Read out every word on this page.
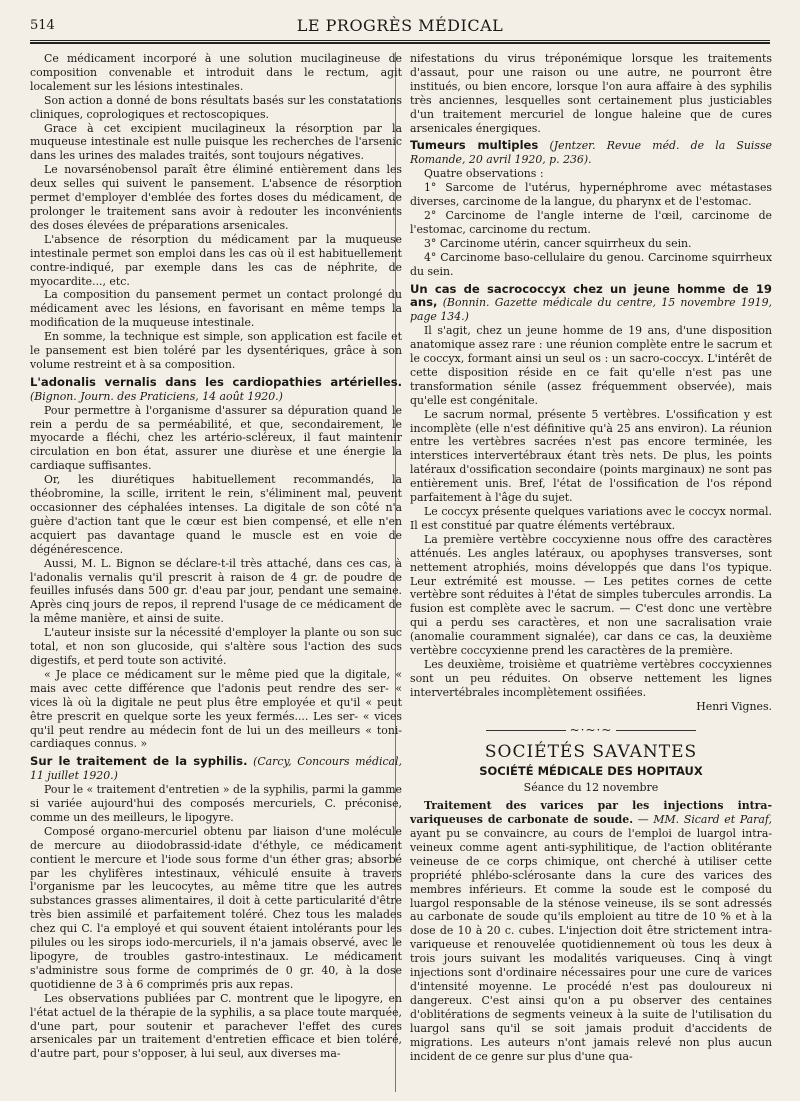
514	LE PROGRÈS MÉDICAL

Ce médicament incorporé à une solution mucilagineuse de composition convenable et introduit dans le rectum, agit localement sur les lésions intestinales.

Son action a donné de bons résultats basés sur les constatations cliniques, coprologiques et rectoscopiques.

Grace à cet excipient mucilagineux la résorption par la muqueuse intestinale est nulle puisque les recherches de l'arsenic dans les urines des malades traités, sont toujours négatives.

Le novarsénobensol paraît être éliminé entièrement dans les deux selles qui suivent le pansement. L'absence de résorption permet d'employer d'emblée des fortes doses du médicament, de prolonger le traitement sans avoir à redouter les inconvénients des doses élevées de préparations arsenicales.

L'absence de résorption du médicament par la muqueuse intestinale permet son emploi dans les cas où il est habituellement contre-indiqué, par exemple dans les cas de néphrite, de myocardite..., etc.

La composition du pansement permet un contact prolongé du médicament avec les lésions, en favorisant en même temps la modification de la muqueuse intestinale.

En somme, la technique est simple, son application est facile et le pansement est bien toléré par les dysentériques, grâce à son volume restreint et à sa composition.

L'adonalis vernalis dans les cardiopathies artérielles. (Bignon. Journ. des Praticiens, 14 août 1920.)

Pour permettre à l'organisme d'assurer sa dépuration quand le rein a perdu de sa perméabilité, et que, secondairement, le myocarde a fléchi, chez les artério-scléreux, il faut maintenir circulation en bon état, assurer une diurèse et une énergie la cardiaque suffisantes.

Or, les diurétiques habituellement recommandés, la théobromine, la scille, irritent le rein, s'éliminent mal, peuvent occasionner des céphalées intenses. La digitale de son côté n'a guère d'action tant que le cœur est bien compensé, et elle n'en acquiert pas davantage quand le muscle est en voie de dégénérescence.

Aussi, M. L. Bignon se déclare-t-il très attaché, dans ces cas, à l'adonalis vernalis qu'il prescrit à raison de 4 gr. de poudre de feuilles infusés dans 500 gr. d'eau par jour, pendant une semaine. Après cinq jours de repos, il reprend l'usage de ce médicament de la même manière, et ainsi de suite.

L'auteur insiste sur la nécessité d'employer la plante ou son suc total, et non son glucoside, qui s'altère sous l'action des sucs digestifs, et perd toute son activité.

« Je place ce médicament sur le même pied que la digitale, « mais avec cette différence que l'adonis peut rendre des ser- « vices là où la digitale ne peut plus être employée et qu'il « peut être prescrit en quelque sorte les yeux fermés.... Les ser- « vices qu'il peut rendre au médecin font de lui un des meilleurs « toni-cardiaques connus. »

Sur le traitement de la syphilis. (Carcy, Concours médical, 11 juillet 1920.)

Pour le « traitement d'entretien » de la syphilis, parmi la gamme si variée aujourd'hui des composés mercuriels, C. préconise, comme un des meilleurs, le lipogyre.

Composé organo-mercuriel obtenu par liaison d'une molécule de mercure au diiodobrassid-idate d'éthyle, ce médicament contient le mercure et l'iode sous forme d'un éther gras; absorbé par les chylifères intestinaux, véhiculé ensuite à travers l'organisme par les leucocytes, au même titre que les autres substances grasses alimentaires, il doit à cette particularité d'être très bien assimilé et parfaitement toléré. Chez tous les malades chez qui C. l'a employé et qui souvent étaient intolérants pour les pilules ou les sirops iodo-mercuriels, il n'a jamais observé, avec le lipogyre, de troubles gastro-intestinaux. Le médicament s'administre sous forme de comprimés de 0 gr. 40, à la dose quotidienne de 3 à 6 comprimés pris aux repas.

Les observations publiées par C. montrent que le lipogyre, en l'état actuel de la thérapie de la syphilis, a sa place toute marquée, d'une part, pour soutenir et parachever l'effet des cures arsenicales par un traitement d'entretien efficace et bien toléré, d'autre part, pour s'opposer, à lui seul, aux diverses ma-

nifestations du virus tréponémique lorsque les traitements d'assaut, pour une raison ou une autre, ne pourront être institués, ou bien encore, lorsque l'on aura affaire à des syphilis très anciennes, lesquelles sont certainement plus justiciables d'un traitement mercuriel de longue haleine que de cures arsenicales énergiques.

Tumeurs multiples (Jentzer. Revue méd. de la Suisse Romande, 20 avril 1920, p. 236).

Quatre observations :

1° Sarcome de l'utérus, hypernéphrome avec métastases diverses, carcinome de la langue, du pharynx et de l'estomac.

2° Carcinome de l'angle interne de l'œil, carcinome de l'estomac, carcinome du rectum.

3° Carcinome utérin, cancer squirrheux du sein.

4° Carcinome baso-cellulaire du genou. Carcinome squirrheux du sein.

Un cas de sacrococcyx chez un jeune homme de 19 ans, (Bonnin. Gazette médicale du centre, 15 novembre 1919, page 134.)

Il s'agit, chez un jeune homme de 19 ans, d'une disposition anatomique assez rare : une réunion complète entre le sacrum et le coccyx, formant ainsi un seul os : un sacro-coccyx. L'intérêt de cette disposition réside en ce fait qu'elle n'est pas une transformation sénile (assez fréquemment observée), mais qu'elle est congénitale.

Le sacrum normal, présente 5 vertèbres. L'ossification y est incomplète (elle n'est définitive qu'à 25 ans environ). La réunion entre les vertèbres sacrées n'est pas encore terminée, les interstices intervertébraux étant très nets. De plus, les points latéraux d'ossification secondaire (points marginaux) ne sont pas entièrement unis. Bref, l'état de l'ossification de l'os répond parfaitement à l'âge du sujet.

Le coccyx présente quelques variations avec le coccyx normal. Il est constitué par quatre éléments vertébraux.

La première vertèbre coccyxienne nous offre des caractères atténués. Les angles latéraux, ou apophyses transverses, sont nettement atrophiés, moins développés que dans l'os typique. Leur extrémité est mousse. — Les petites cornes de cette vertèbre sont réduites à l'état de simples tubercules arrondis. La fusion est complète avec le sacrum. — C'est donc une vertèbre qui a perdu ses caractères, et non une sacralisation vraie (anomalie couramment signalée), car dans ce cas, la deuxième vertèbre coccyxienne prend les caractères de la première.

Les deuxième, troisième et quatrième vertèbres coccyxiennes sont un peu réduites. On observe nettement les lignes intervertébrales incomplètement ossifiées.

Henri Vignes.

~·~·~
SOCIÉTÉS SAVANTES
SOCIÉTÉ MÉDICALE DES HOPITAUX
Séance du 12 novembre

Traitement des varices par les injections intra-variqueuses de carbonate de soude. — MM. Sicard et Paraf, ayant pu se convaincre, au cours de l'emploi de luargol intra-veineux comme agent anti-syphilitique, de l'action oblitérante veineuse de ce corps chimique, ont cherché à utiliser cette propriété phlébo-sclérosante dans la cure des varices des membres inférieurs. Et comme la soude est le composé du luargol responsable de la sténose veineuse, ils se sont adressés au carbonate de soude qu'ils emploient au titre de 10 % et à la dose de 10 à 20 c. cubes. L'injection doit être strictement intra-variqueuse et renouvelée quotidiennement où tous les deux à trois jours suivant les modalités variqueuses. Cinq à vingt injections sont d'ordinaire nécessaires pour une cure de varices d'intensité moyenne. Le procédé n'est pas douloureux ni dangereux. C'est ainsi qu'on a pu observer des centaines d'oblitérations de segments veineux à la suite de l'utilisation du luargol sans qu'il se soit jamais produit d'accidents de migrations. Les auteurs n'ont jamais relevé non plus aucun incident de ce genre sur plus d'une qua-
